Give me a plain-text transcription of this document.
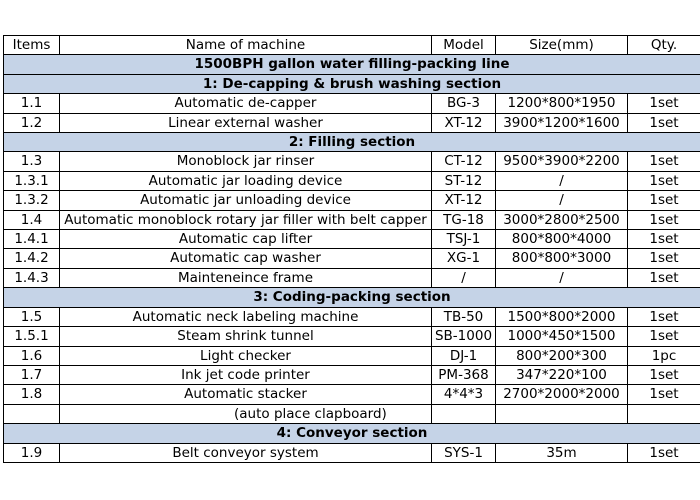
Items	Name of machine	Model	Size(mm)	Qty.
1500BPH gallon water filling-packing line				
1: De-capping & brush washing section				
1.1	Automatic de-capper	BG-3	1200*800*1950	1set
1.2	Linear external washer	XT-12	3900*1200*1600	1set
2: Filling section				
1.3	Monoblock jar rinser	CT-12	9500*3900*2200	1set
1.3.1	Automatic jar loading device	ST-12	/	1set
1.3.2	Automatic jar unloading device	XT-12	/	1set
1.4	Automatic monoblock rotary jar filler with belt capper	TG-18	3000*2800*2500	1set
1.4.1	Automatic cap lifter	TSJ-1	800*800*4000	1set
1.4.2	Automatic cap washer	XG-1	800*800*3000	1set
1.4.3	Mainteneince frame	/	/	1set
3: Coding-packing section				
1.5	Automatic neck labeling machine	TB-50	1500*800*2000	1set
1.5.1	Steam shrink tunnel	SB-1000	1000*450*1500	1set
1.6	Light checker	DJ-1	800*200*300	1pc
1.7	Ink jet code printer	PM-368	347*220*100	1set
1.8	Automatic stacker	4*4*3	2700*2000*2000	1set
	(auto place clapboard)			
4: Conveyor section				
1.9	Belt conveyor system	SYS-1	35m	1set
